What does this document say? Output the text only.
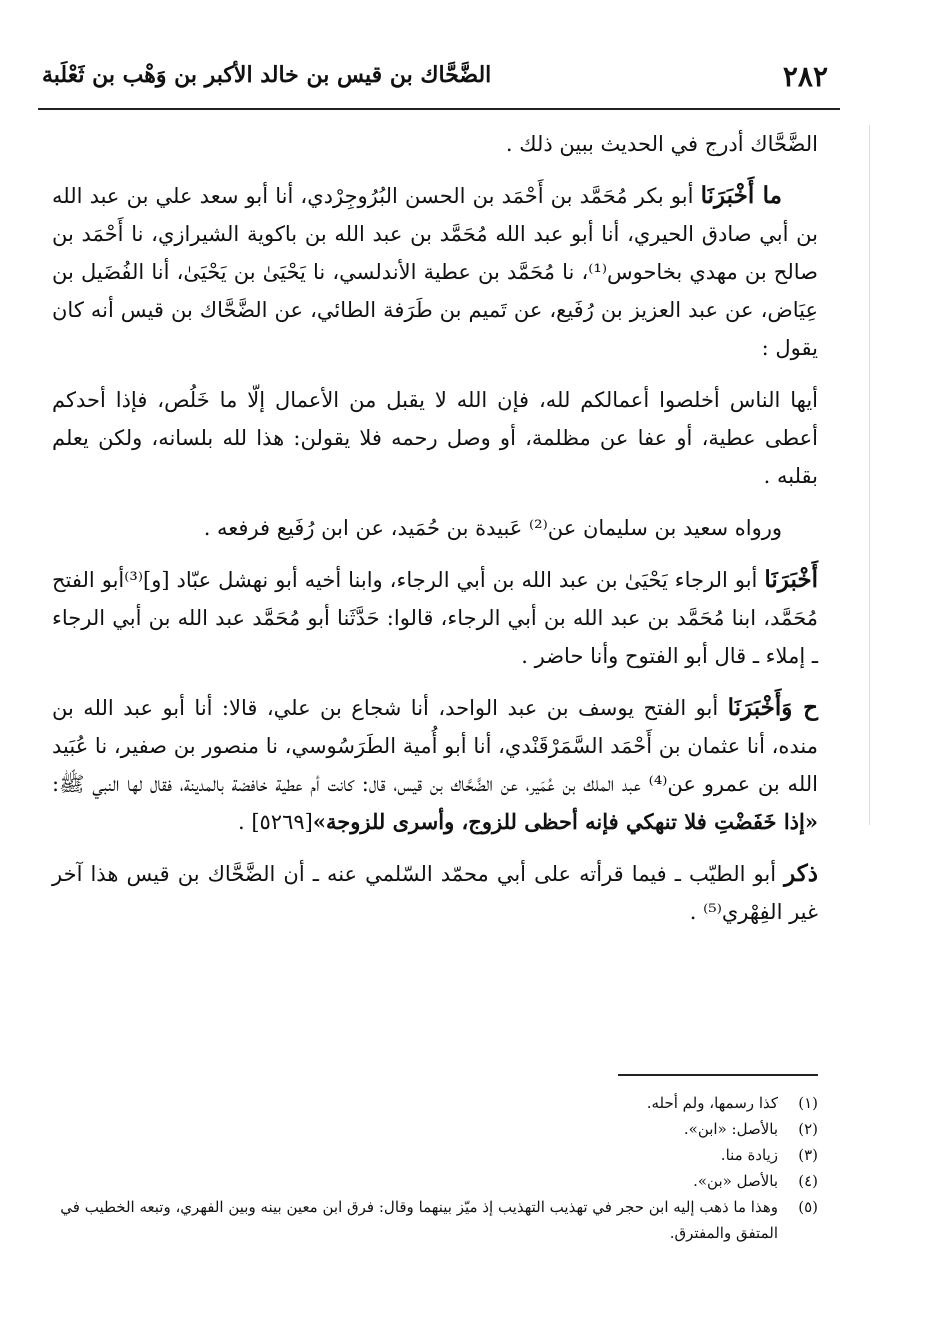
٢٨٢
الضَّحَّاك بن قيس بن خالد الأكبر بن وَهْب بن ثَعْلَبة

الضَّحَّاك أدرج في الحديث ببين ذلك .

ما أَخْبَرَنَا أبو بكر مُحَمَّد بن أَحْمَد بن الحسن البُرُوجِرْدي، أنا أبو سعد علي بن عبد الله بن أبي صادق الحيري، أنا أبو عبد الله مُحَمَّد بن عبد الله بن باكوية الشيرازي، نا أَحْمَد بن صالح بن مهدي بخاحوس⁽¹⁾، نا مُحَمَّد بن عطية الأندلسي، نا يَحْيَىٰ بن يَحْيَىٰ، أنا الفُضَيل بن عِيَاض، عن عبد العزيز بن رُفَيع، عن تَميم بن طَرَفة الطائي، عن الضَّحَّاك بن قيس أنه كان يقول :

أيها الناس أخلصوا أعمالكم لله، فإن الله لا يقبل من الأعمال إلّا ما خَلُص، فإذا أحدكم أعطى عطية، أو عفا عن مظلمة، أو وصل رحمه فلا يقولن: هذا لله بلسانه، ولكن يعلم بقلبه .

ورواه سعيد بن سليمان عن⁽²⁾ عَبيدة بن حُمَيد، عن ابن رُفَيع فرفعه .

أَخْبَرَنَا أبو الرجاء يَحْيَىٰ بن عبد الله بن أبي الرجاء، وابنا أخيه أبو نهشل عبّاد [و]⁽³⁾أبو الفتح مُحَمَّد، ابنا مُحَمَّد بن عبد الله بن أبي الرجاء، قالوا: حَدَّثَنا أبو مُحَمَّد عبد الله بن أبي الرجاء ـ إملاء ـ قال أبو الفتوح وأنا حاضر .

ح وَأَخْبَرَنَا أبو الفتح يوسف بن عبد الواحد، أنا شجاع بن علي، قالا: أنا أبو عبد الله بن منده، أنا عثمان بن أَحْمَد السَّمَرْقَنْدي، أنا أبو أُمية الطَرَسُوسي، نا منصور بن صفير، نا عُبَيد الله بن عمرو عن⁽⁴⁾ عبد الملك بن عُمَير، عن الضَّحَّاك بن قيس، قال: كانت أم عطية خافضة بالمدينة، فقال لها النبي ﷺ: «إذا خَفَضْتِ فلا تنهكي فإنه أحظى للزوج، وأسرى للزوجة»[٥٢٦٩] .

ذكر أبو الطيّب ـ فيما قرأته على أبي محمّد السّلمي عنه ـ أن الضَّحَّاك بن قيس هذا آخر غير الفِهْري⁽⁵⁾ .

(١)
كذا رسمها، ولم أحله.
(٢)
بالأصل: «ابن».
(٣)
زيادة منا.
(٤)
بالأصل «بن».
(٥)
وهذا ما ذهب إليه ابن حجر في تهذيب التهذيب إذ ميّز بينهما وقال: فرق ابن معين بينه وبين الفهري، وتبعه الخطيب في المتفق والمفترق.
